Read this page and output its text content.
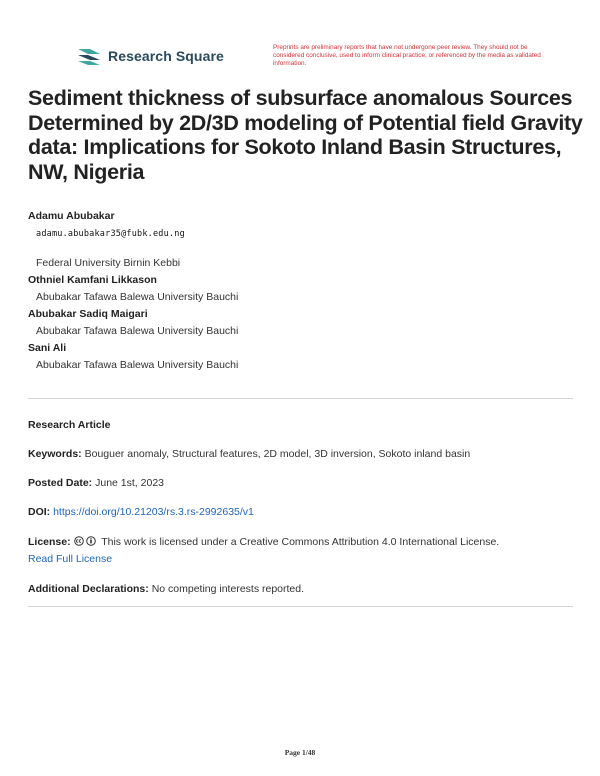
Research Square
Preprints are preliminary reports that have not undergone peer review. They should not be considered conclusive, used to inform clinical practice, or referenced by the media as validated information.
Sediment thickness of subsurface anomalous Sources Determined by 2D/3D modeling of Potential field Gravity data: Implications for Sokoto Inland Basin Structures, NW, Nigeria
Adamu Abubakar
adamu.abubakar35@fubk.edu.ng
Federal University Birnin Kebbi
Othniel Kamfani Likkason
Abubakar Tafawa Balewa University Bauchi
Abubakar Sadiq Maigari
Abubakar Tafawa Balewa University Bauchi
Sani Ali
Abubakar Tafawa Balewa University Bauchi
Research Article
Keywords: Bouguer anomaly, Structural features, 2D model, 3D inversion, Sokoto inland basin
Posted Date: June 1st, 2023
DOI: https://doi.org/10.21203/rs.3.rs-2992635/v1
License:	This work is licensed under a Creative Commons Attribution 4.0 International License.
Read Full License
Additional Declarations: No competing interests reported.
Page 1/48
